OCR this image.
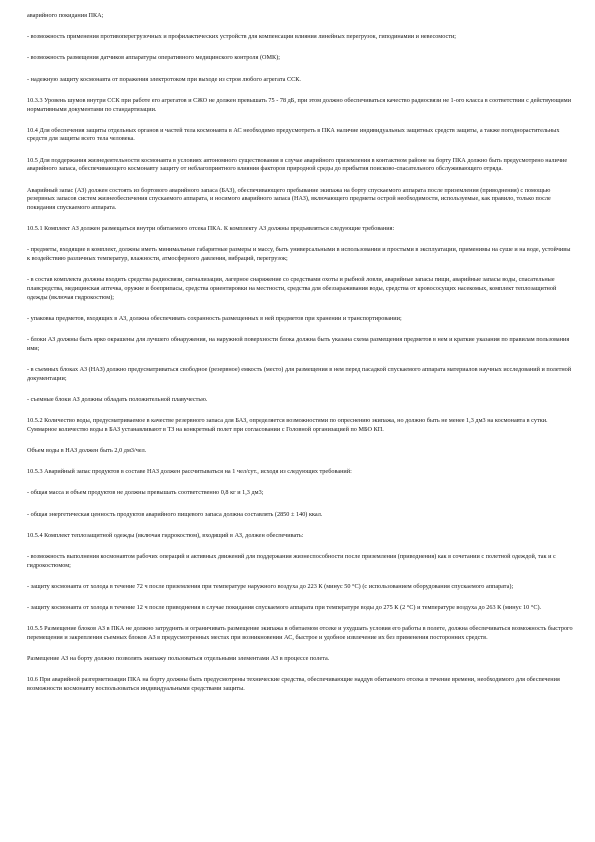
аварийного покидания ПКА;

- возможность применения противоперегрузочных и профилактических устройств для компенсации влияния линейных перегрузок, гиподинамии и невесомости;

- возможность размещения датчиков аппаратуры оперативного медицинского контроля (ОМК);

- надежную защиту космонавта от поражения электротоком при выходе из строя любого агрегата ССК.

10.3.3 Уровень шумов внутри ССК при работе его агрегатов и СЖО не должен превышать 75 - 78 дБ, при этом должно обеспечиваться качество радиосвязи не 1-ого класса в соответствии с действующими нормативными документами по стандартизации.

10.4 Для обеспечения защиты отдельных органов и частей тела космонавта в АС необходимо предусмотреть в ПКА наличие индивидуальных защитных средств защиты, а также погоднорастительных средств для защиты всего тела человека.

10.5 Для поддержания жизнедеятельности космонавта в условиях автономного существования в случае аварийного приземления в контактном районе на борту ПКА должно быть предусмотрено наличие аварийного запаса, обеспечивающего космонавту защиту от неблагоприятного влияния факторов природной среды до прибытия поисково-спасательного обслуживающего отряда.

Аварийный запас (АЗ) должен состоять из бортового аварийного запаса (БАЗ), обеспечивающего пребывание экипажа на борту спускаемого аппарата после приземления (приводнения) с помощью резервных запасов систем жизнеобеспечения спускаемого аппарата, и носимого аварийного запаса (НАЗ), включающего предметы острой необходимости, используемые, как правило, только после покидания спускаемого аппарата.

10.5.1 Комплект АЗ должен размещаться внутри обитаемого отсека ПКА. К комплекту АЗ должны предъявляться следующие требования:

- предметы, входящие в комплект, должны иметь минимальные габаритные размеры и массу, быть универсальными в использовании и простыми в эксплуатации, применимы на суше и на воде, устойчивы к воздействию различных температур, влажности, атмосферного давления, вибраций, перегрузок;

- в состав комплекта должны входить средства радиосвязи, сигнализации, лагерное снаряжение со средствами охоты и рыбной ловли, аварийные запасы пищи, аварийные запасы воды, спасательные плавсредства, медицинская аптечка, оружие и боеприпасы, средства ориентировки на местности, средства для обеззараживания воды, средства от кровососущих насекомых, комплект теплозащитной одежды (включая гидрокостюм);

- упаковка предметов, входящих в АЗ, должна обеспечивать сохранность размещенных в ней предметов при хранении и транспортировании;

- блоки АЗ должны быть ярко окрашены для лучшего обнаружения, на наружной поверхности блока должна быть указана схема размещения предметов в нем и краткие указания по правилам пользования ими;

- в съемных блоках АЗ (НАЗ) должно предусматриваться свободное (резервное) емкость (место) для размещения в нем перед пасадкой спускаемого аппарата материалов научных исследований и полетной документации;

- съемные блоки АЗ должны обладать положительной плавучестью.

10.5.2 Количество воды, предусматриваемое в качестве резервного запаса для БАЗ, определяется возможностями по опреснению экипажа, но должно быть не менее 1,3 дм3 на космонавта в сутки. Суммарное количество воды в БАЗ устанавливают в ТЗ на конкретный полет при согласовании с Головной организацией по МБО КП.

Объем воды в НАЗ должен быть 2,0 дм3/чел.

10.5.3 Аварийный запас продуктов в составе НАЗ должен рассчитываться на 1 чел/сут., исходя из следующих требований:

- общая масса и объем продуктов не должны превышать соответственно 0,8 кг и 1,3 дм3;

- общая энергетическая ценность продуктов аварийного пищевого запаса должна составлять (2850 ± 140) ккал.

10.5.4 Комплект теплозащитной одежды (включая гидрокостюм), входящий в АЗ, должен обеспечивать:

- возможность выполнения космонавтом рабочих операций и активных движений для поддержания жизнеспособности после приземления (приводнения) как в сочетании с полетной одеждой, так и с гидрокостюмом;

- защиту космонавта от холода в течение 72 ч после приземления при температуре наружного воздуха до 223 К (минус 50 °С) (с использованием оборудования спускаемого аппарата);

- защиту космонавта от холода в течение 12 ч после приводнения в случае покидания спускаемого аппарата при температуре воды до 275 К (2 °С) и температуре воздуха до 263 К (минус 10 °С).

10.5.5 Размещение блоков АЗ в ПКА не должно затруднять и ограничивать размещение экипажа в обитаемом отсеке и ухудшать условия его работы в полете, должна обеспечиваться возможность быстрого перемещения и закрепления съемных блоков АЗ в предусмотренных местах при возникновении АС, быстрое и удобное извлечение их без применения посторонних средств.

Размещение АЗ на борту должно позволять экипажу пользоваться отдельными элементами АЗ в процессе полета.

10.6 При аварийной разгерметизации ПКА на борту должны быть предусмотрены технические средства, обеспечивающие наддув обитаемого отсека в течение времени, необходимого для обеспечения возможности космонавту воспользоваться индивидуальными средствами защиты.
